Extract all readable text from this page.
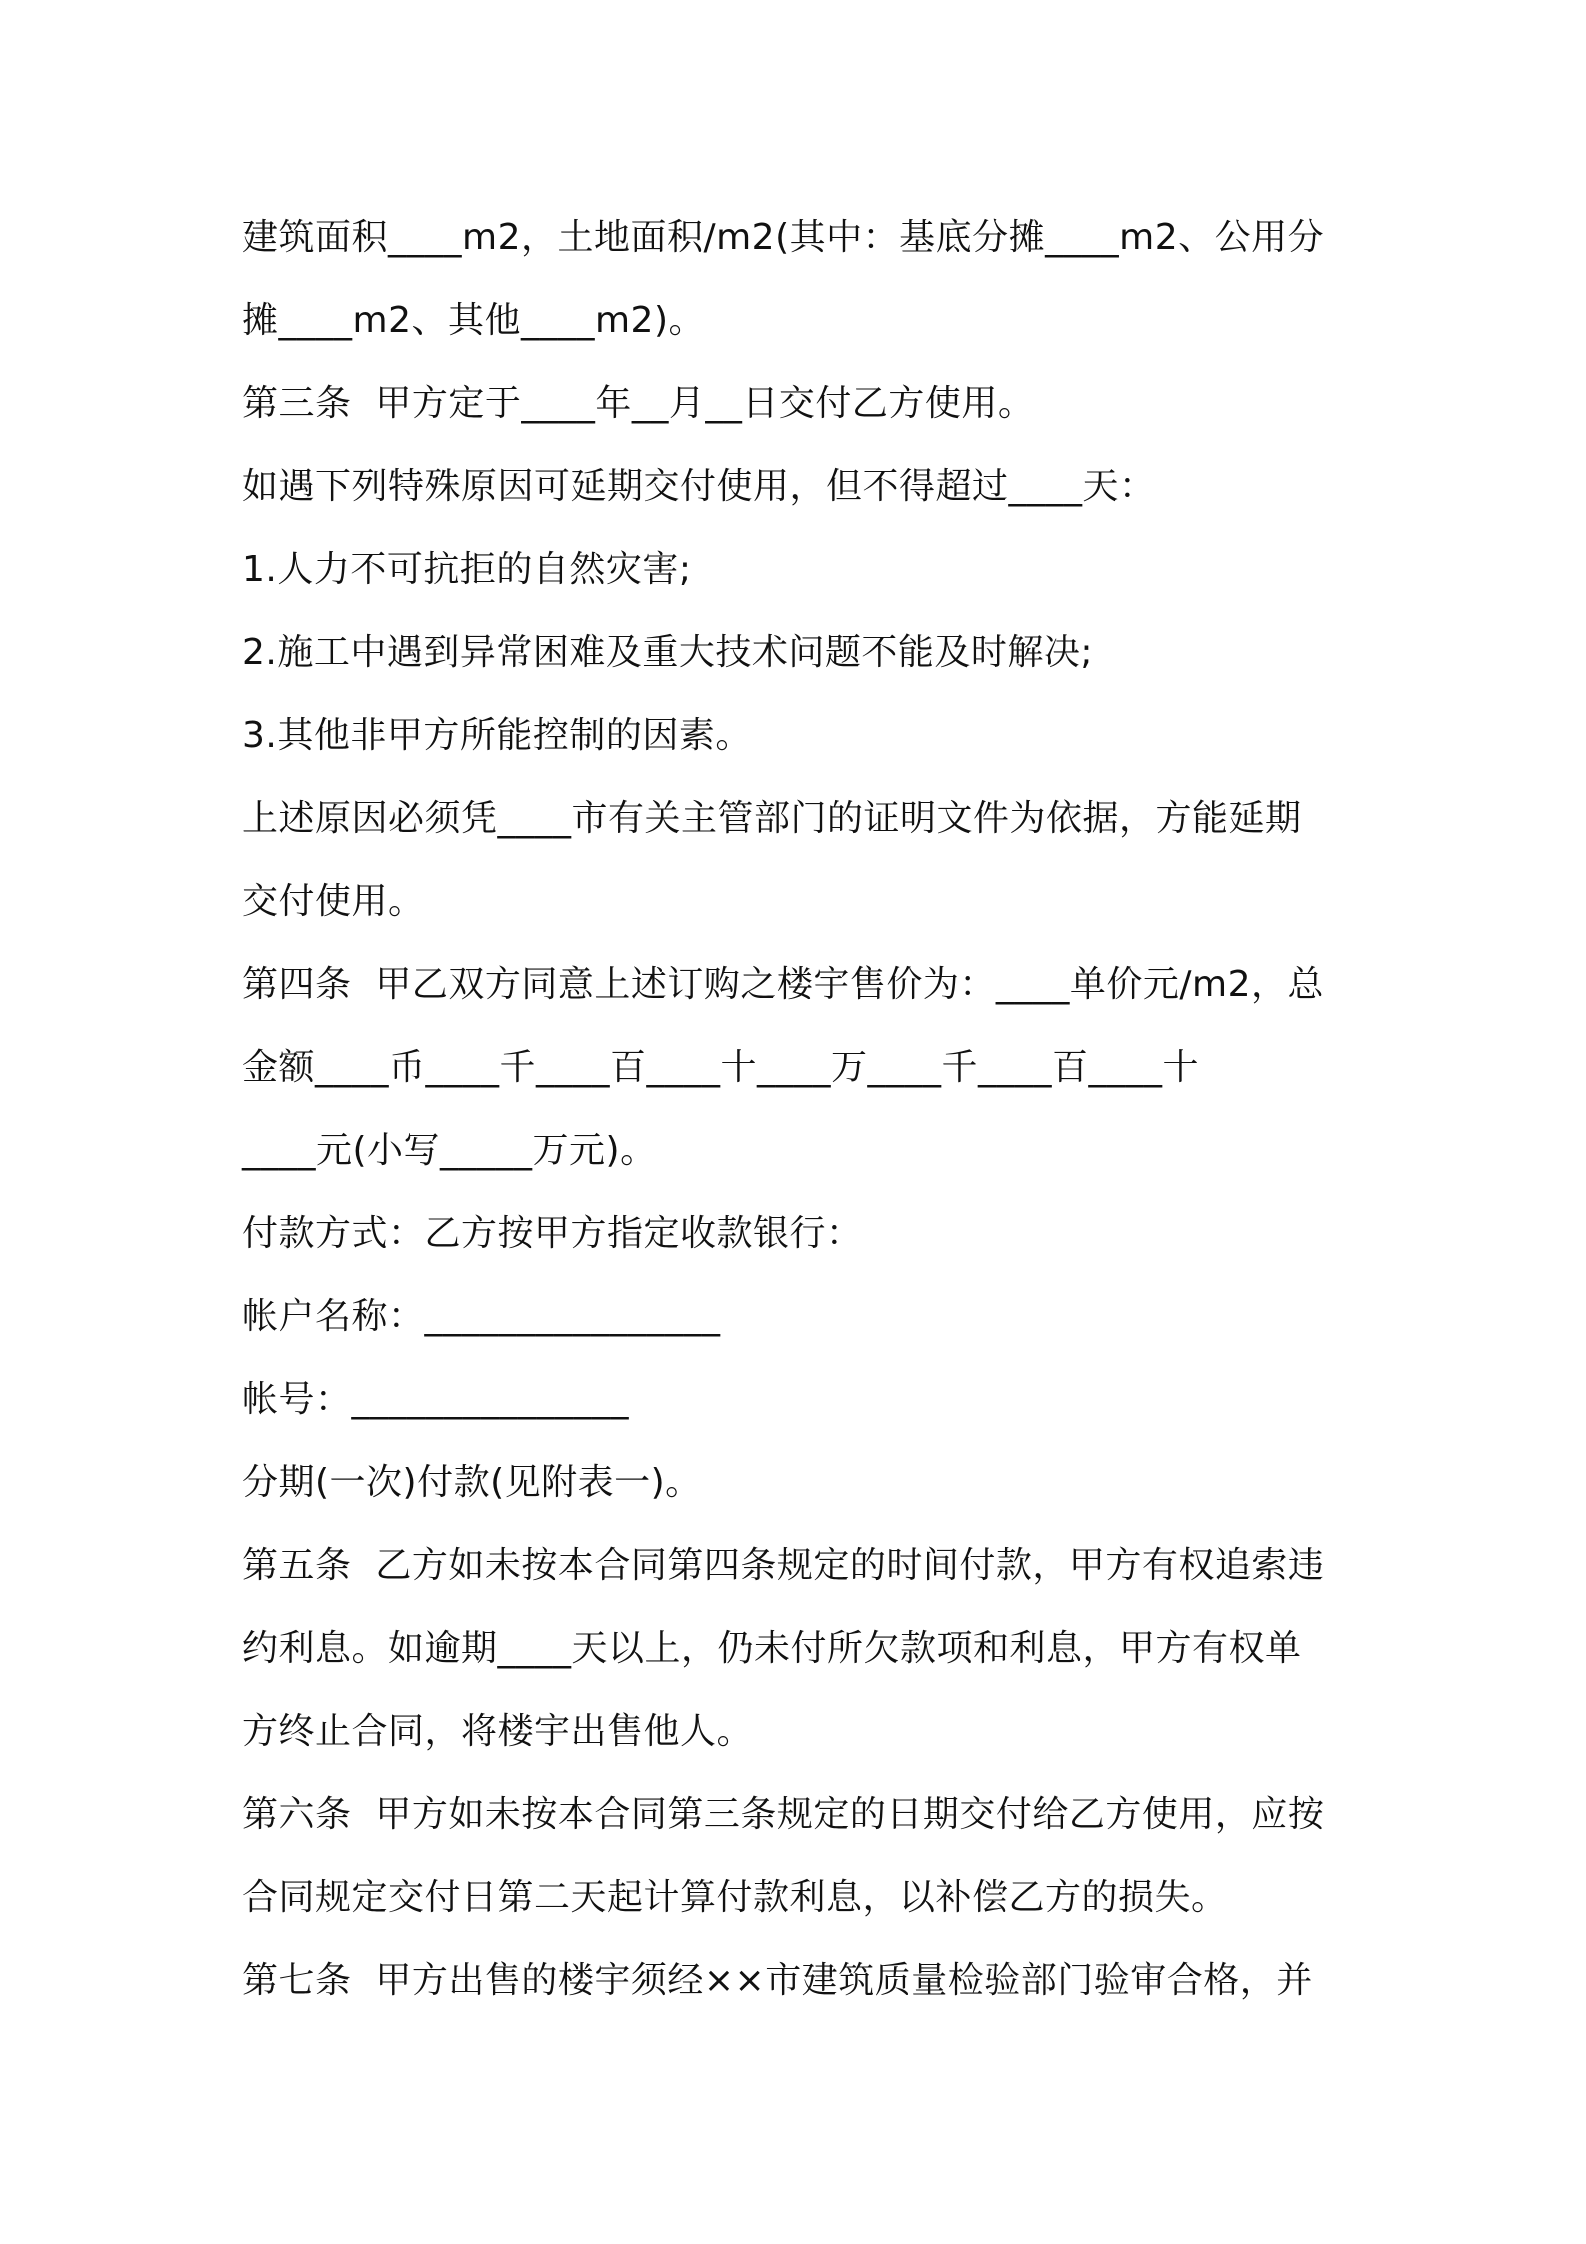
建筑面积____m2，土地面积/m2(其中：基底分摊____m2、公用分
摊____m2、其他____m2)。
第三条  甲方定于____年__月__日交付乙方使用。
如遇下列特殊原因可延期交付使用，但不得超过____天：
1.人力不可抗拒的自然灾害;
2.施工中遇到异常困难及重大技术问题不能及时解决;
3.其他非甲方所能控制的因素。
上述原因必须凭____市有关主管部门的证明文件为依据，方能延期
交付使用。
第四条  甲乙双方同意上述订购之楼宇售价为：____单价元/m2，总
金额____币____千____百____十____万____千____百____十
____元(小写_____万元)。
付款方式：乙方按甲方指定收款银行：
帐户名称：________________
帐号：_______________
分期(一次)付款(见附表一)。
第五条  乙方如未按本合同第四条规定的时间付款，甲方有权追索违
约利息。如逾期____天以上，仍未付所欠款项和利息，甲方有权单
方终止合同，将楼宇出售他人。
第六条  甲方如未按本合同第三条规定的日期交付给乙方使用，应按
合同规定交付日第二天起计算付款利息，以补偿乙方的损失。
第七条  甲方出售的楼宇须经××市建筑质量检验部门验审合格，并
